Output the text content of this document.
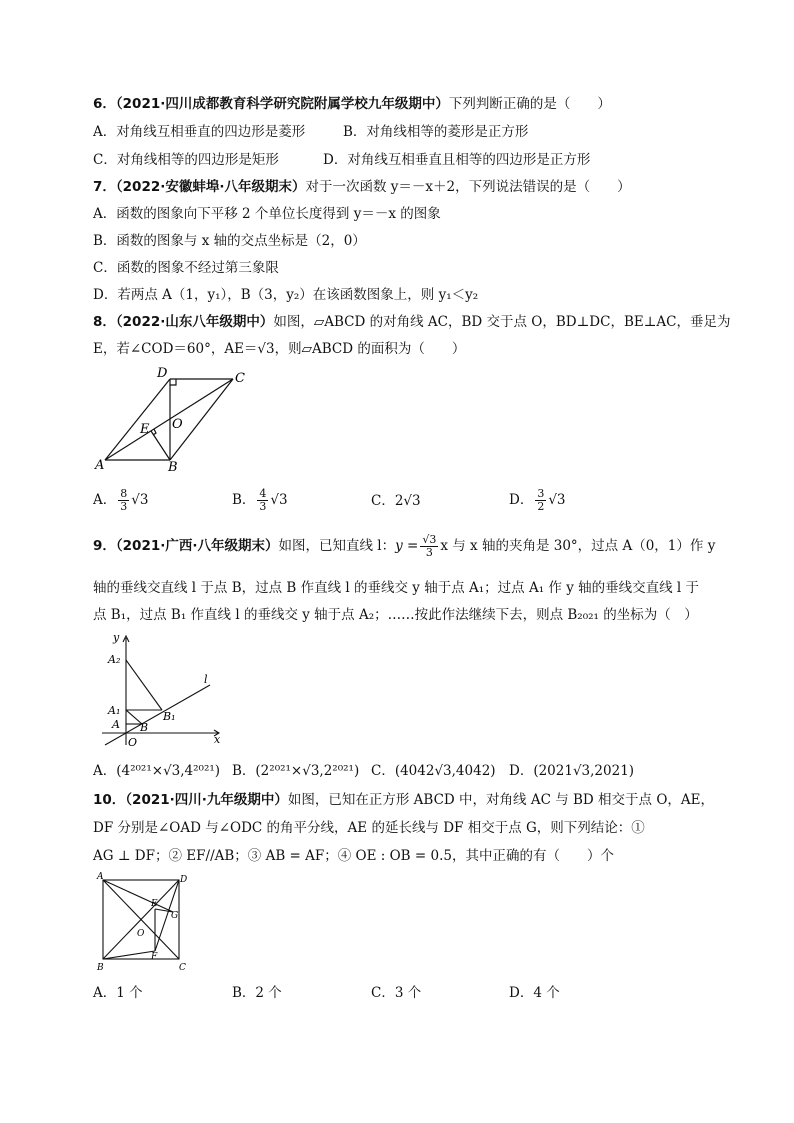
6．（2021·四川成都教育科学研究院附属学校九年级期中）下列判断正确的是（　　）
A．对角线互相垂直的四边形是菱形	B．对角线相等的菱形是正方形
C．对角线相等的四边形是矩形	D．对角线互相垂直且相等的四边形是正方形
7．（2022·安徽蚌埠·八年级期末）对于一次函数 y＝－x＋2，下列说法错误的是（　　）
A．函数的图象向下平移 2 个单位长度得到 y＝－x 的图象
B．函数的图象与 x 轴的交点坐标是（2，0）
C．函数的图象不经过第三象限
D．若两点 A（1，y₁），B（3，y₂）在该函数图象上，则 y₁＜y₂
8．（2022·山东八年级期中）如图，▱ABCD 的对角线 AC，BD 交于点 O，BD⊥DC，BE⊥AC，垂足为
E，若∠COD＝60°，AE＝√3，则▱ABCD 的面积为（　　）
D	C
A	B
E O
A． $\frac{8}{3} √3$	B． $\frac{4}{3} √3$	C．2√3	D． $\frac{3}{2} √3$
9．（2021·广西·八年级期末）如图，已知直线 l：$y = \frac{√3}{3}$ x 与 x 轴的夹角是 30°，过点 A（0，1）作 y
轴的垂线交直线 l 于点 B，过点 B 作直线 l 的垂线交 y 轴于点 A₁；过点 A₁ 作 y 轴的垂线交直线 l 于
点 B₁，过点 B₁ 作直线 l 的垂线交 y 轴于点 A₂；……按此作法继续下去，则点 B₂₀₂₁ 的坐标为（　）
y
x
l
A₂
A₁
A B
B₁
O
A．(4²⁰²¹×√3,4²⁰²¹) B．(2²⁰²¹×√3,2²⁰²¹) C．(4042√3,4042) D．(2021√3,2021)
10．（2021·四川·九年级期中）如图，已知在正方形 ABCD 中，对角线 AC 与 BD 相交于点 O，AE，
DF 分别是∠OAD 与∠ODC 的角平分线，AE 的延长线与 DF 相交于点 G，则下列结论：①
AG ⊥ DF；② EF//AB；③ AB = AF；④ OE : OB = 0.5，其中正确的有（　　）个
A	D
B	C
E
G
O
F
A．1 个	B．2 个	C．3 个	D．4 个
